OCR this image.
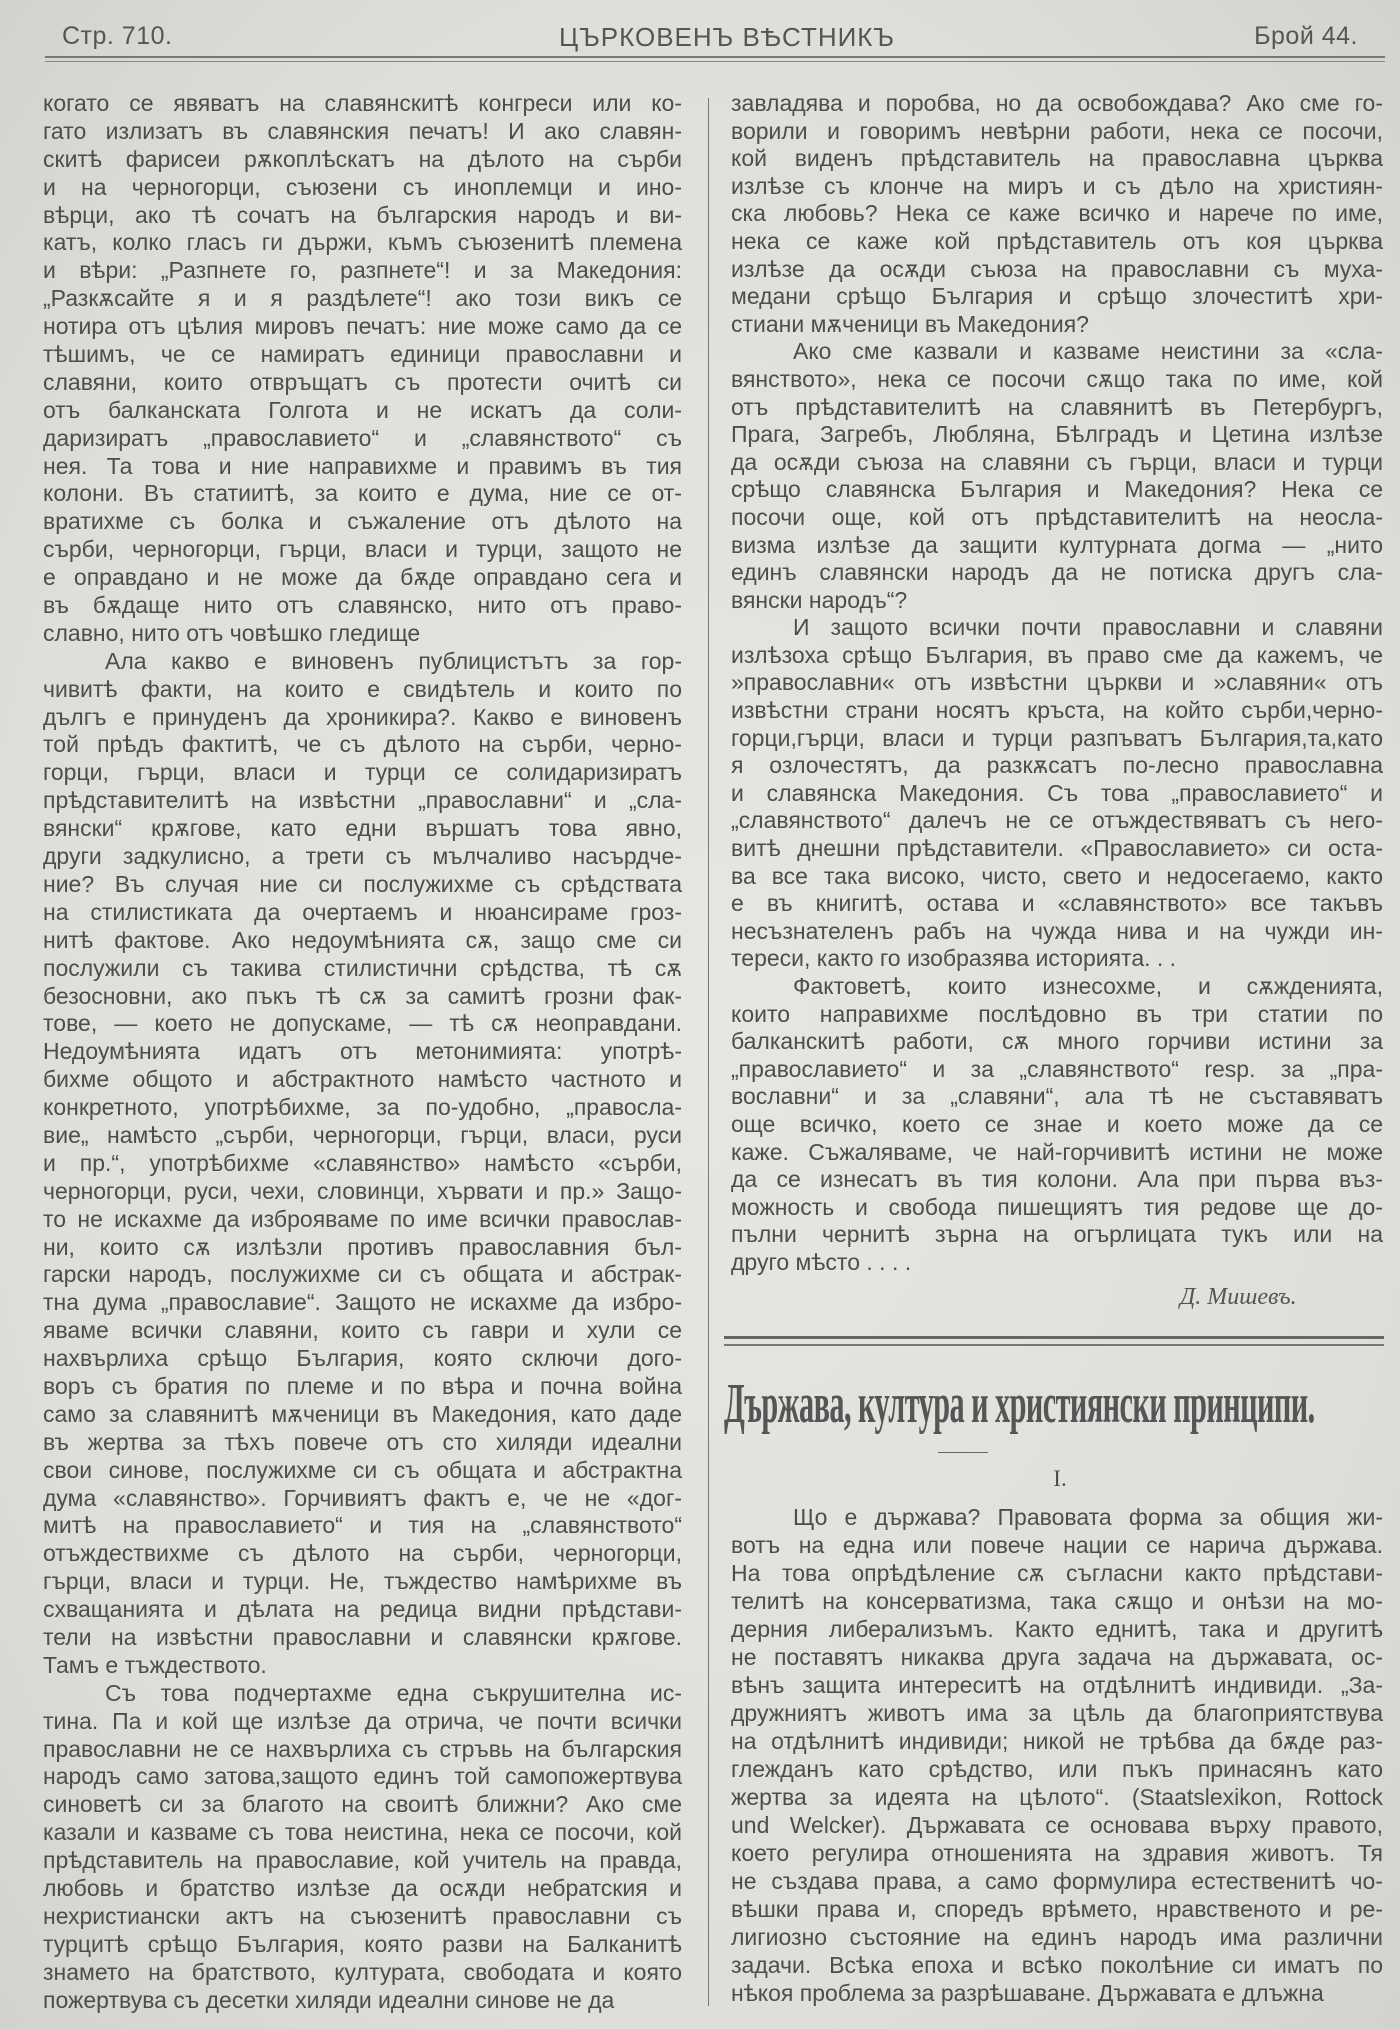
Стр. 710.	ЦЪРКОВЕНЪ ВѢСТНИКЪ	Брой 44.
когато се явяватъ на славянскитѣ конгреси или ко-
гато излизатъ въ славянския печатъ! И ако славян-
скитѣ фарисеи рѫкоплѣскатъ на дѣлото на сърби
и на черногорци, съюзени съ иноплемци и ино-
вѣрци, ако тѣ сочатъ на българския народъ и ви-
катъ, колко гласъ ги държи, къмъ съюзенитѣ племена
и вѣри: „Разпнете го, разпнете“! и за Македония:
„Разкѫсайте я и я раздѣлете“! ако този викъ се
нотира отъ цѣлия мировъ печатъ: ние може само да се
тѣшимъ, че се намиратъ единици православни и
славяни, които отвръщатъ съ протести очитѣ си
отъ балканската Голгота и не искатъ да соли-
даризиратъ „православието“ и „славянството“ съ
нея. Та това и ние направихме и правимъ въ тия
колони. Въ статиитѣ, за които е дума, ние се от-
вратихме съ болка и съжаление отъ дѣлото на
сърби, черногорци, гърци, власи и турци, защото не
е оправдано и не може да бѫде оправдано сега и
въ бѫдаще нито отъ славянско, нито отъ право-
славно, нито отъ човѣшко гледище
Ала какво е виновенъ публицистътъ за гор-
чивитѣ факти, на които е свидѣтель и които по
дългъ е принуденъ да хроникира?. Какво е виновенъ
той прѣдъ фактитѣ, че съ дѣлото на сърби, черно-
горци, гърци, власи и турци се солидаризиратъ
прѣдставителитѣ на извѣстни „православни“ и „сла-
вянски“ крѫгове, като едни вършатъ това явно,
други задкулисно, а трети съ мълчаливо насърдче-
ние? Въ случая ние си послужихме съ срѣдствата
на стилистиката да очертаемъ и нюансираме гроз-
нитѣ фактове. Ако недоумѣнията сѫ, защо сме си
послужили съ такива стилистични срѣдства, тѣ сѫ
безосновни, ако пъкъ тѣ сѫ за самитѣ грозни фак-
тове, — което не допускаме, — тѣ сѫ неоправдани.
Недоумѣнията идатъ отъ метонимията: употрѣ-
бихме общото и абстрактното намѣсто частното и
конкретното, употрѣбихме, за по-удобно, „правосла-
вие„ намѣсто „сърби, черногорци, гърци, власи, руси
и пр.“, употрѣбихме «славянство» намѣсто «сърби,
черногорци, руси, чехи, словинци, хървати и пр.» Защо-
то не искахме да изброяваме по име всички православ-
ни, които сѫ излѣзли противъ православния бъл-
гарски народъ, послужихме си съ общата и абстрак-
тна дума „православие“. Защото не искахме да избро-
яваме всички славяни, които съ гаври и хули се
нахвърлиха срѣщо България, която сключи дого-
воръ съ братия по племе и по вѣра и почна война
само за славянитѣ мѫченици въ Македония, като даде
въ жертва за тѣхъ повече отъ сто хиляди идеални
свои синове, послужихме си съ общата и абстрактна
дума «славянство». Горчивиятъ фактъ е, че не «дог-
митѣ на православието“ и тия на „славянството“
отъждествихме съ дѣлото на сърби, черногорци,
гърци, власи и турци. Не, тъждество намѣрихме въ
схващанията и дѣлата на редица видни прѣдстави-
тели на извѣстни православни и славянски крѫгове.
Тамъ е тъждеството.
Съ това подчертахме една съкрушителна ис-
тина. Па и кой ще излѣзе да отрича, че почти всички
православни не се нахвърлиха съ стръвь на българския
народъ само затова,защото единъ той самопожертвува
синоветѣ си за благото на своитѣ ближни? Ако сме
казали и казваме съ това неистина, нека се посочи, кой
прѣдставитель на православие, кой учитель на правда,
любовь и братство излѣзе да осѫди небратския и
нехристиански актъ на съюзенитѣ православни съ
турцитѣ срѣщо България, която разви на Балканитѣ
знамето на братството, културата, свободата и която
пожертвува съ десетки хиляди идеални синове не да
завладява и поробва, но да освобождава? Ако сме го-
ворили и говоримъ невѣрни работи, нека се посочи,
кой виденъ прѣдставитель на православна църква
излѣзе съ клонче на миръ и съ дѣло на християн-
ска любовь? Нека се каже всичко и нарече по име,
нека се каже кой прѣдставитель отъ коя църква
излѣзе да осѫди съюза на православни съ муха-
медани срѣщо България и срѣщо злочеститѣ хри-
стиани мѫченици въ Македония?
Ако сме казвали и казваме неистини за «сла-
вянството», нека се посочи сѫщо така по име, кой
отъ прѣдставителитѣ на славянитѣ въ Петербургъ,
Прага, Загребъ, Любляна, Бѣлградъ и Цетина излѣзе
да осѫди съюза на славяни съ гърци, власи и турци
срѣщо славянска България и Македония? Нека се
посочи още, кой отъ прѣдставителитѣ на неосла-
визма излѣзе да защити културната догма — „нито
единъ славянски народъ да не потиска другъ сла-
вянски народъ“?
И защото всички почти православни и славяни
излѣзоха срѣщо България, въ право сме да кажемъ, че
»православни« отъ извѣстни църкви и »славяни« отъ
извѣстни страни носятъ кръста, на който сърби,черно-
горци,гърци, власи и турци разпъватъ България,та,като
я озлочестятъ, да разкѫсатъ по-лесно православна
и славянска Македония. Съ това „православието“ и
„славянството“ далечъ не се отъждествяватъ съ него-
витѣ днешни прѣдставители. «Православието» си оста-
ва все така високо, чисто, свето и недосегаемо, както
е въ книгитѣ, остава и «славянството» все такъвъ
несъзнателенъ рабъ на чужда нива и на чужди ин-
тереси, както го изобразява историята. . .
Фактоветѣ, които изнесохме, и сѫжденията,
които направихме послѣдовно въ три статии по
балканскитѣ работи, сѫ много горчиви истини за
„православието“ и за „славянството“ resp. за „пра-
вославни“ и за „славяни“, ала тѣ не съставяватъ
още всичко, което се знае и което може да се
каже. Съжаляваме, че най-горчивитѣ истини не може
да се изнесатъ въ тия колони. Ала при първа въз-
можность и свобода пишещиятъ тия редове ще до-
пълни чернитѣ зърна на огърлицата тукъ или на
друго мѣсто . . . .
Д. Мишевъ.
Държава, култура и християнски принципи.
I.
Що е държава? Правовата форма за общия жи-
вотъ на една или повече нации се нарича държава.
На това опрѣдѣление сѫ съгласни както прѣдстави-
телитѣ на консерватизма, така сѫщо и онѣзи на мо-
дерния либерализъмъ. Както еднитѣ, така и другитѣ
не поставятъ никаква друга задача на държавата, ос-
вѣнъ защита интереситѣ на отдѣлнитѣ индивиди. „За-
дружниятъ животъ има за цѣль да благоприятствува
на отдѣлнитѣ индивиди; никой не трѣбва да бѫде раз-
глежданъ като срѣдство, или пъкъ принасянъ като
жертва за идеята на цѣлото“. (Staatslexikon, Rottock
und Welcker). Държавата се основава върху правото,
което регулира отношенията на здравия животъ. Тя
не създава права, а само формулира естественитѣ чо-
вѣшки права и, споредъ врѣмето, нравственото и ре-
лигиозно състояние на единъ народъ има различни
задачи. Всѣка епоха и всѣко поколѣние си иматъ по
нѣкоя проблема за разрѣшаване. Държавата е длъжна
